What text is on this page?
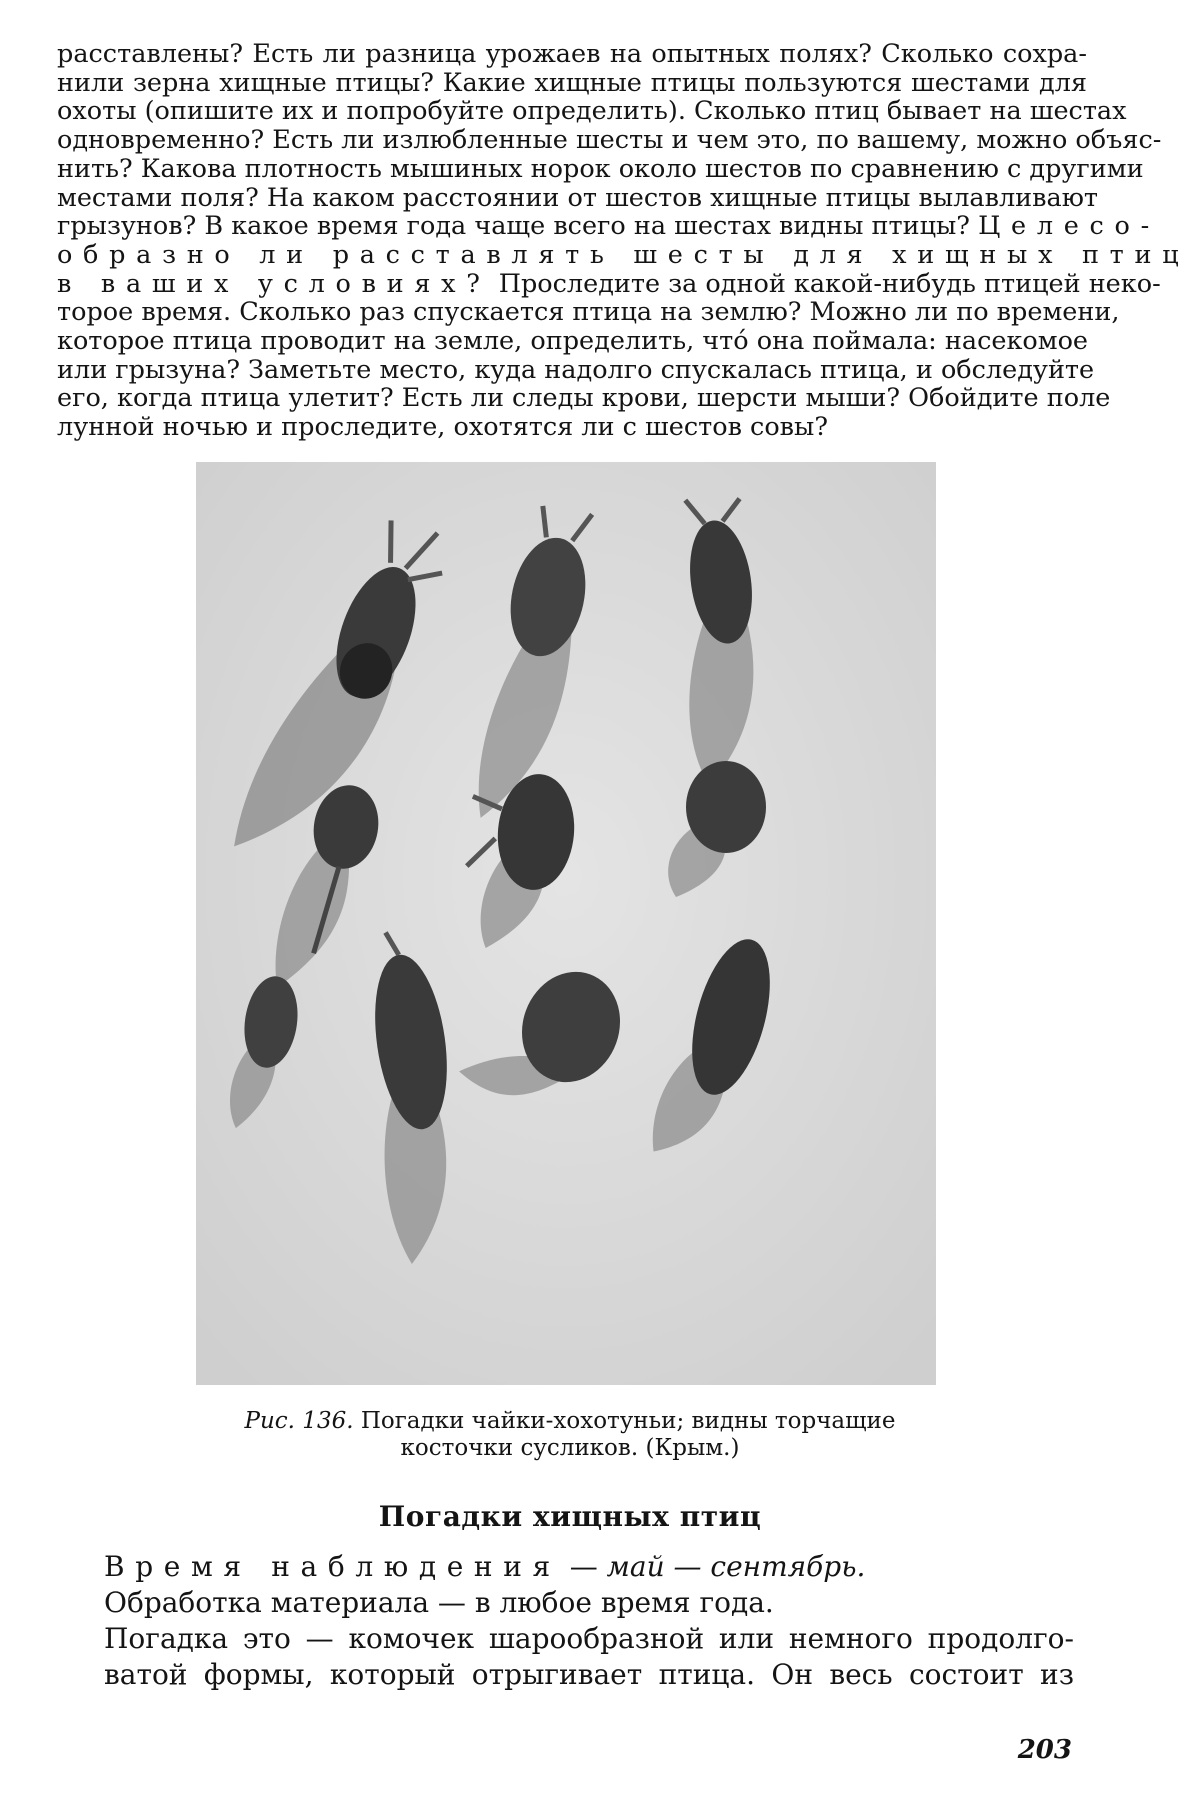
расставлены? Есть ли разница урожаев на опытных полях? Сколько сохра-
нили зерна хищные птицы? Какие хищные птицы пользуются шестами для
охоты (опишите их и попробуйте определить). Сколько птиц бывает на шестах
одновременно? Есть ли излюбленные шесты и чем это, по вашему, можно объяс-
нить? Какова плотность мышиных норок около шестов по сравнению с другими
местами поля? На каком расстоянии от шестов хищные птицы вылавливают
грызунов? В какое время года чаще всего на шестах видны птицы? Целесо-
образно ли расставлять шесты для хищных птиц
в ваших условиях? Проследите за одной какой-нибудь птицей неко-
торое время. Сколько раз спускается птица на землю? Можно ли по времени,
которое птица проводит на земле, определить, что́ она поймала: насекомое
или грызуна? Заметьте место, куда надолго спускалась птица, и обследуйте
его, когда птица улетит? Есть ли следы крови, шерсти мыши? Обойдите поле
лунной ночью и проследите, охотятся ли с шестов совы?
Рис. 136. Погадки чайки-хохотуньи; видны торчащие
косточки сусликов. (Крым.)
Погадки хищных птиц
Время наблюдения — май — сентябрь.
Обработка материала — в любое время года.
Погадка это — комочек шарообразной или немного продолгo-
ватой формы, который отрыгивает птица. Он весь состоит из
203
